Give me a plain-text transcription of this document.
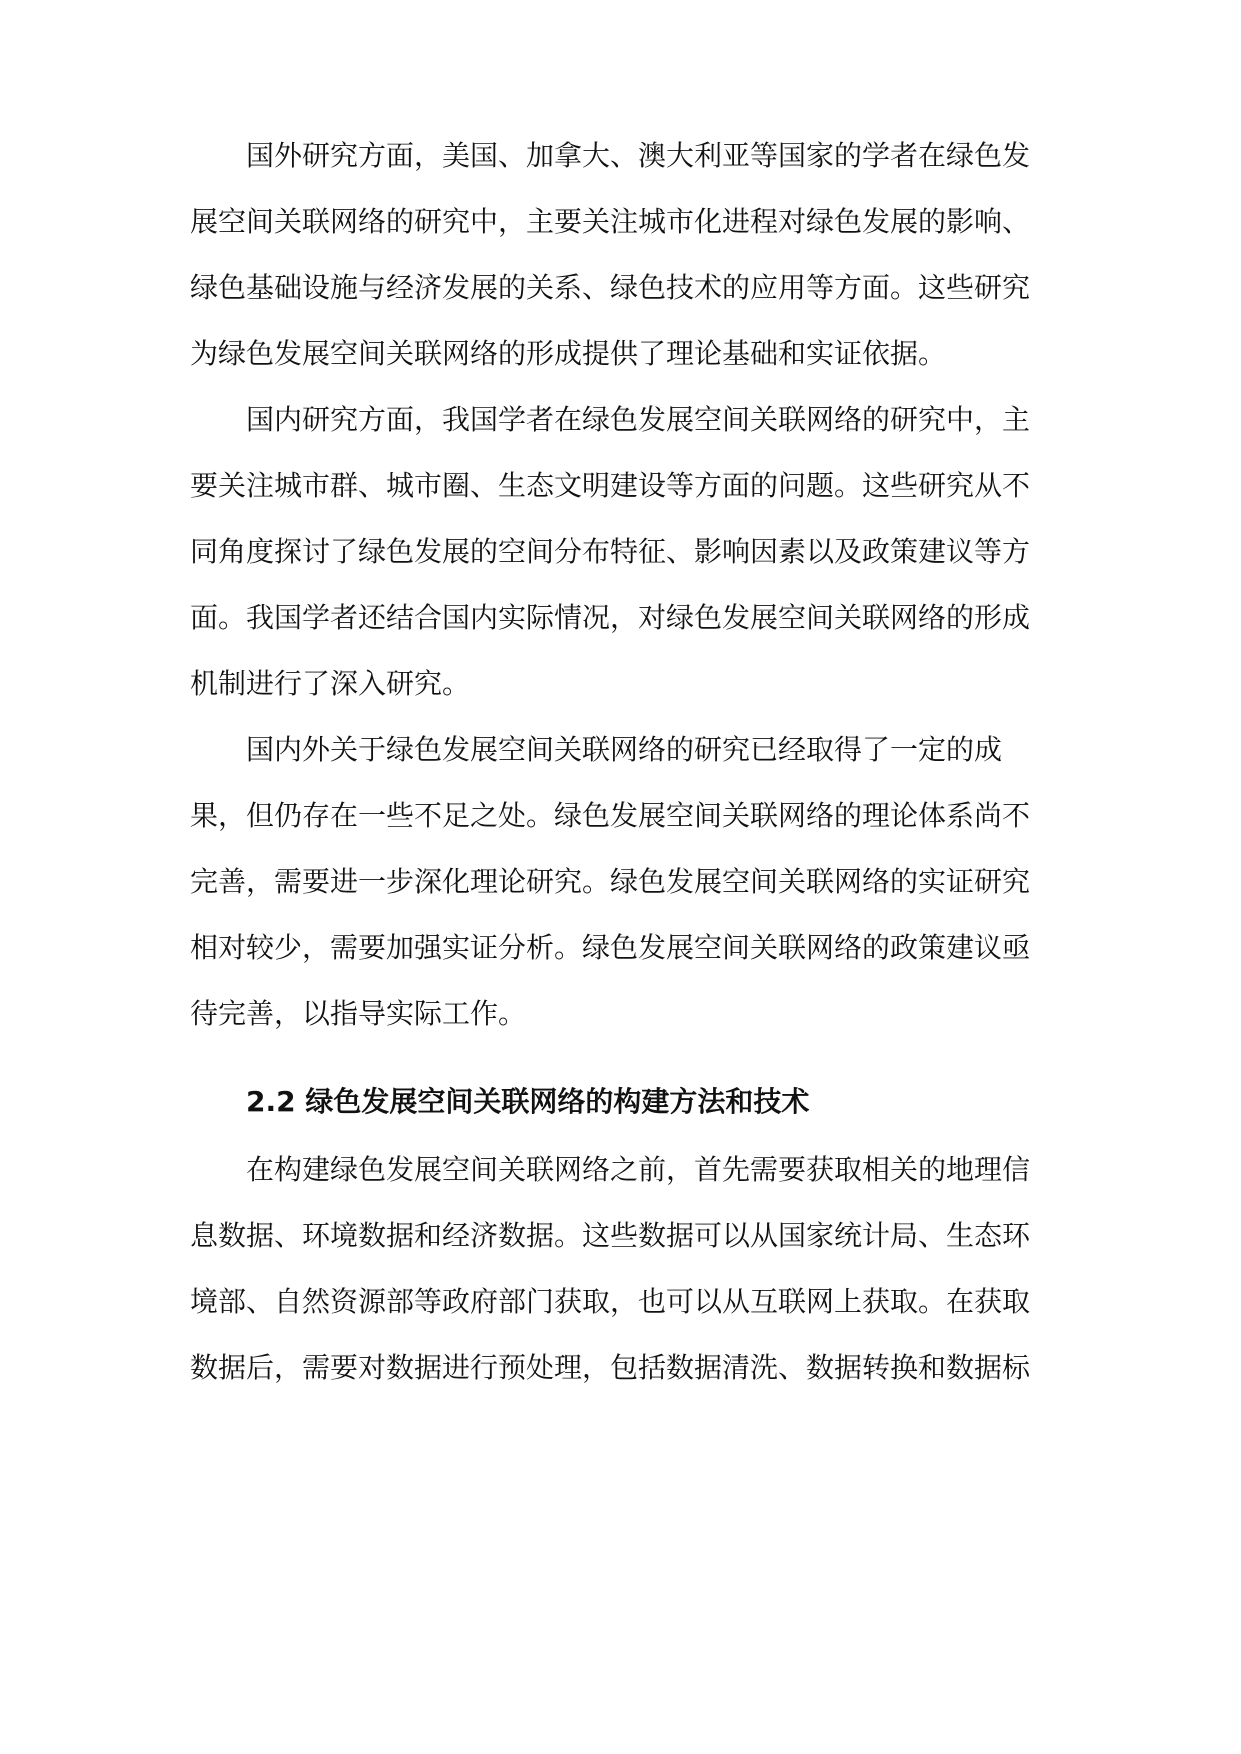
国外研究方面，美国、加拿大、澳大利亚等国家的学者在绿色发
展空间关联网络的研究中，主要关注城市化进程对绿色发展的影响、
绿色基础设施与经济发展的关系、绿色技术的应用等方面。这些研究
为绿色发展空间关联网络的形成提供了理论基础和实证依据。
国内研究方面，我国学者在绿色发展空间关联网络的研究中，主
要关注城市群、城市圈、生态文明建设等方面的问题。这些研究从不
同角度探讨了绿色发展的空间分布特征、影响因素以及政策建议等方
面。我国学者还结合国内实际情况，对绿色发展空间关联网络的形成
机制进行了深入研究。
国内外关于绿色发展空间关联网络的研究已经取得了一定的成
果，但仍存在一些不足之处。绿色发展空间关联网络的理论体系尚不
完善，需要进一步深化理论研究。绿色发展空间关联网络的实证研究
相对较少，需要加强实证分析。绿色发展空间关联网络的政策建议亟
待完善，以指导实际工作。
2.2 绿色发展空间关联网络的构建方法和技术
在构建绿色发展空间关联网络之前，首先需要获取相关的地理信
息数据、环境数据和经济数据。这些数据可以从国家统计局、生态环
境部、自然资源部等政府部门获取，也可以从互联网上获取。在获取
数据后，需要对数据进行预处理，包括数据清洗、数据转换和数据标
